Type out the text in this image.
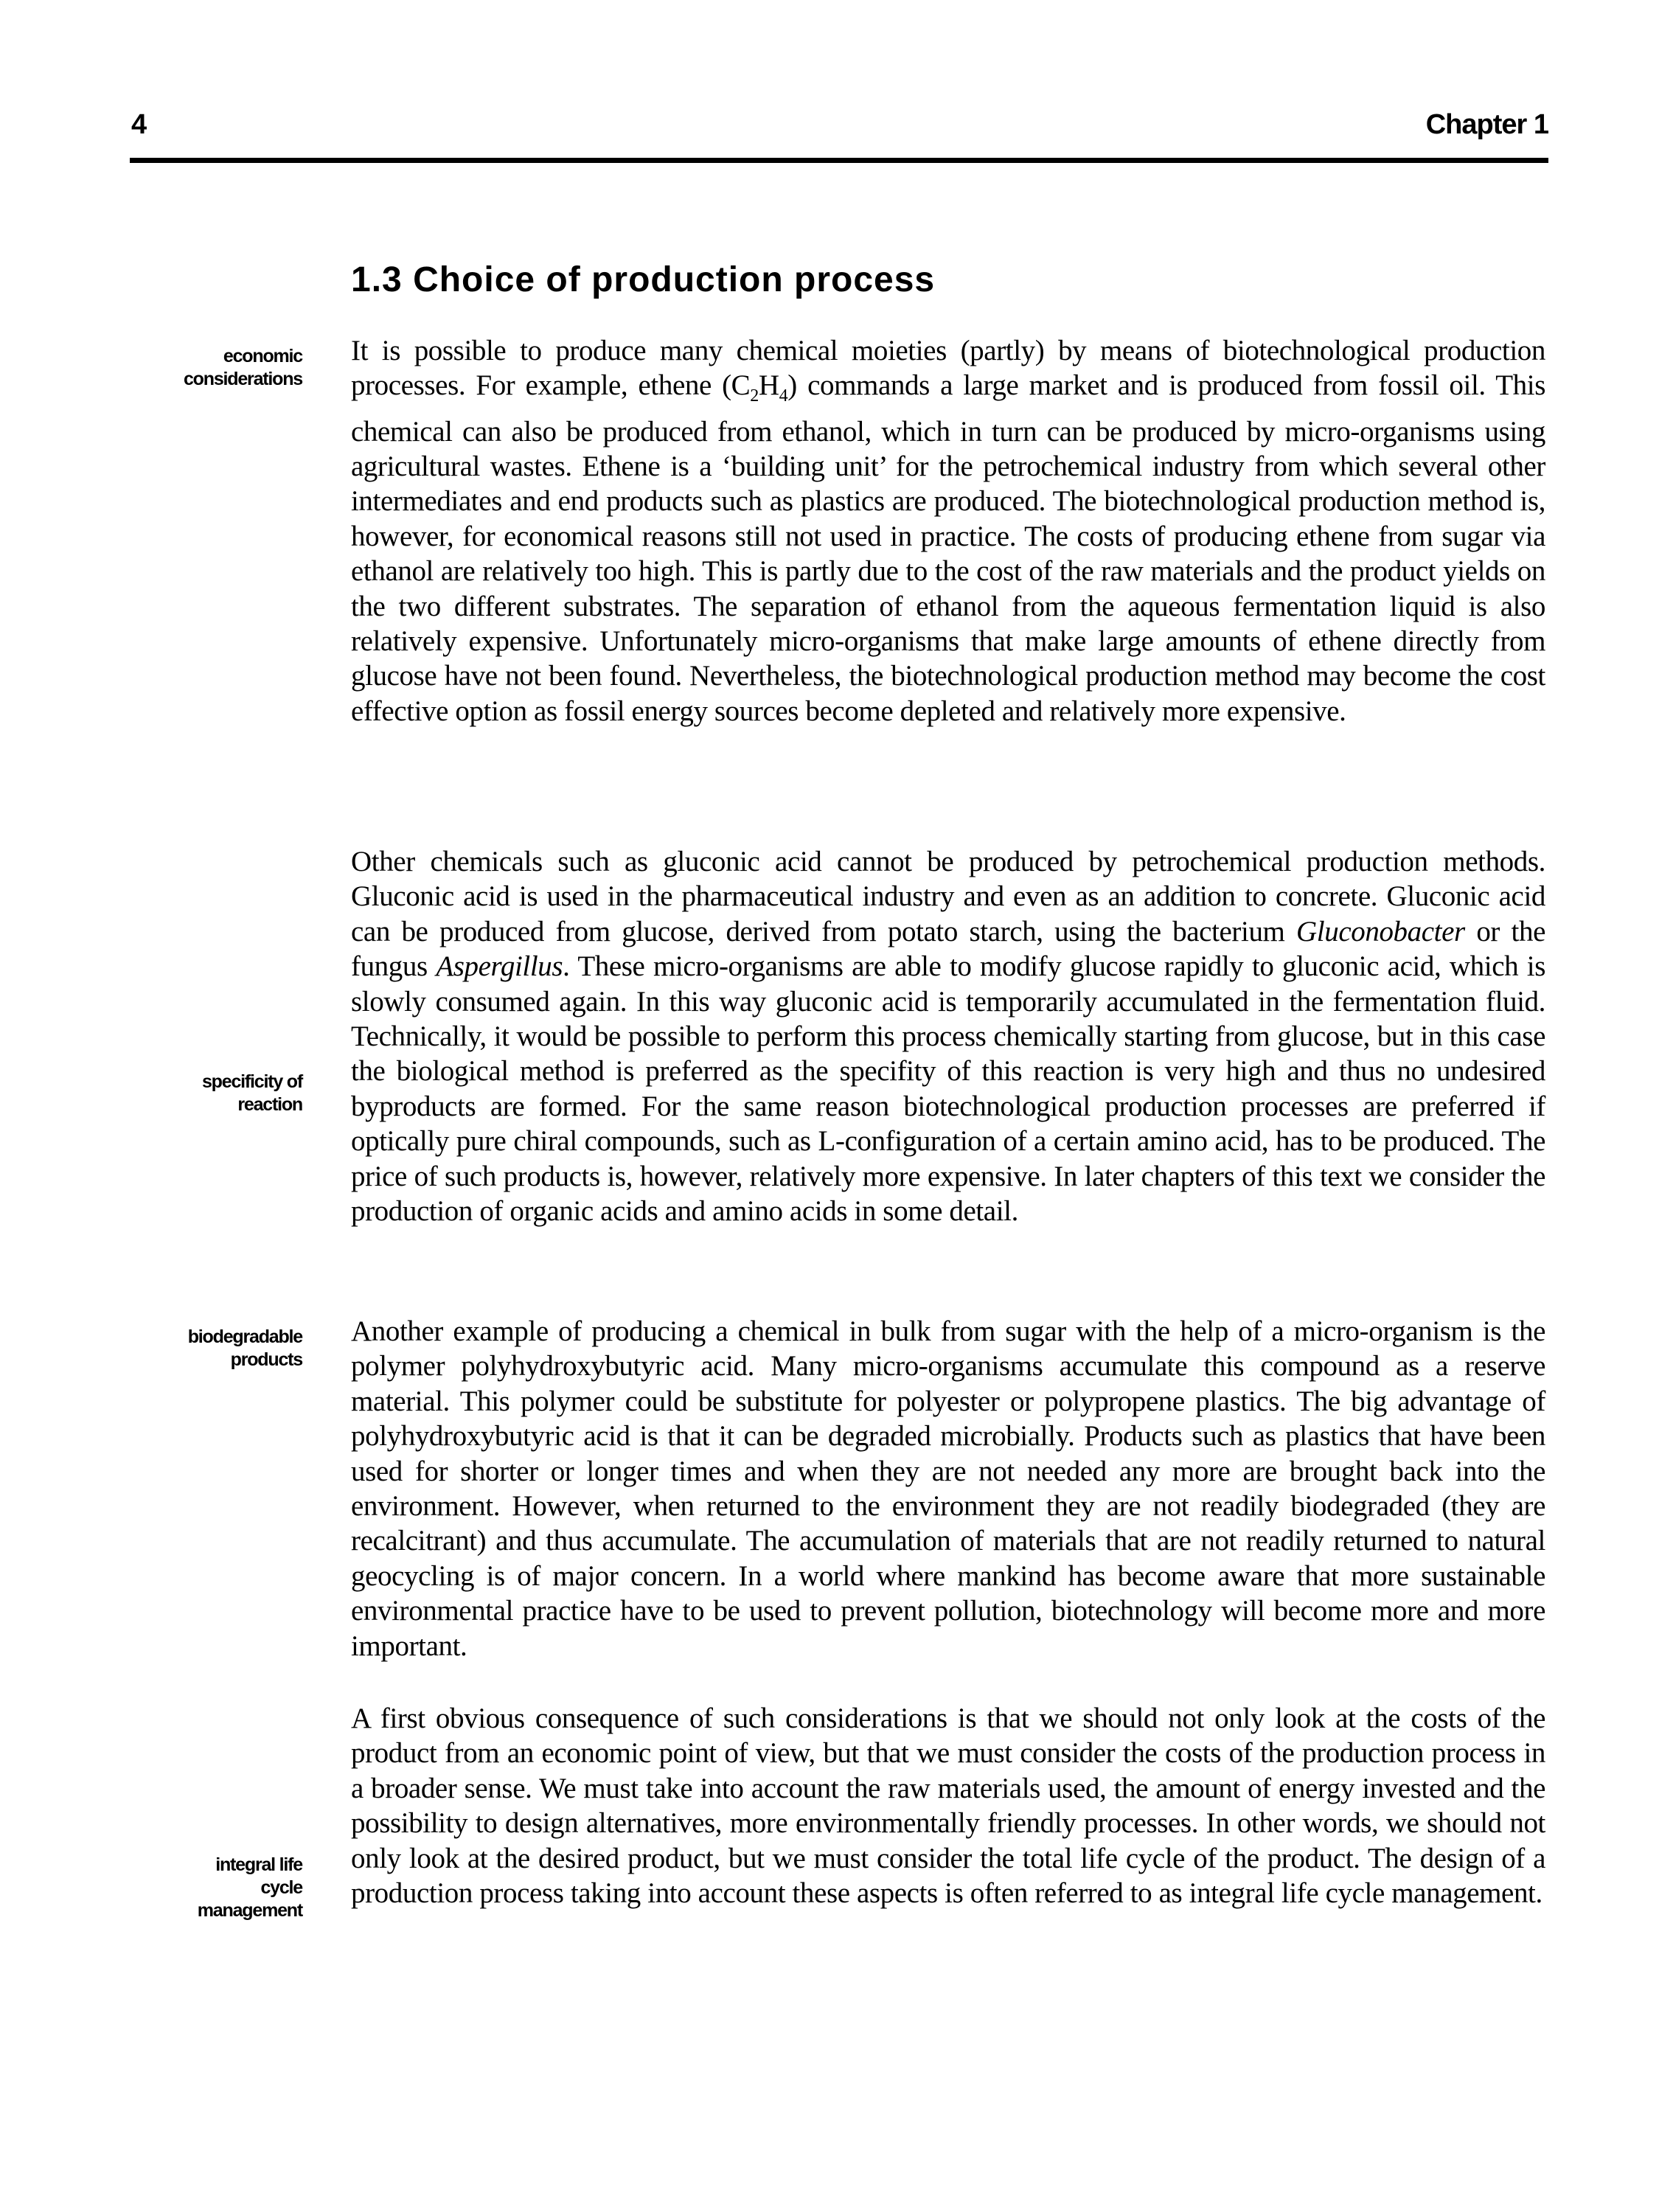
4	Chapter 1
1.3 Choice of production process
economic
considerations
specificity of
reaction
biodegradable
products
integral life
cycle
management

It is possible to produce many chemical moieties (partly) by means of biotechnological production processes. For example, ethene $(C_2H_4)$ commands a large market and is produced from fossil oil. This chemical can also be produced from ethanol, which in turn can be produced by micro-organisms using agricultural wastes. Ethene is a ‘building unit’ for the petrochemical industry from which several other intermediates and end products such as plastics are produced. The biotechnological production method is, however, for economical reasons still not used in practice. The costs of producing ethene from sugar via ethanol are relatively too high. This is partly due to the cost of the raw materials and the product yields on the two different substrates. The separation of ethanol from the aqueous fermentation liquid is also relatively expensive. Unfortunately micro-organisms that make large amounts of ethene directly from glucose have not been found. Nevertheless, the biotechnological production method may become the cost effective option as fossil energy sources become depleted and relatively more expensive.

Other chemicals such as gluconic acid cannot be produced by petrochemical production methods. Gluconic acid is used in the pharmaceutical industry and even as an addition to concrete. Gluconic acid can be produced from glucose, derived from potato starch, using the bacterium Gluconobacter or the fungus Aspergillus. These micro-organisms are able to modify glucose rapidly to gluconic acid, which is slowly consumed again. In this way gluconic acid is temporarily accumulated in the fermentation fluid. Technically, it would be possible to perform this process chemically starting from glucose, but in this case the biological method is preferred as the specifity of this reaction is very high and thus no undesired byproducts are formed. For the same reason biotechnological production processes are preferred if optically pure chiral compounds, such as L-configuration of a certain amino acid, has to be produced. The price of such products is, however, relatively more expensive. In later chapters of this text we consider the production of organic acids and amino acids in some detail.

Another example of producing a chemical in bulk from sugar with the help of a micro-organism is the polymer polyhydroxybutyric acid. Many micro-organisms accumulate this compound as a reserve material. This polymer could be substitute for polyester or polypropene plastics. The big advantage of polyhydroxybutyric acid is that it can be degraded microbially. Products such as plastics that have been used for shorter or longer times and when they are not needed any more are brought back into the environment. However, when returned to the environment they are not readily biodegraded (they are recalcitrant) and thus accumulate. The accumulation of materials that are not readily returned to natural geocycling is of major concern. In a world where mankind has become aware that more sustainable environmental practice have to be used to prevent pollution, biotechnology will become more and more important.

A first obvious consequence of such considerations is that we should not only look at the costs of the product from an economic point of view, but that we must consider the costs of the production process in a broader sense. We must take into account the raw materials used, the amount of energy invested and the possibility to design alternatives, more environmentally friendly processes. In other words, we should not only look at the desired product, but we must consider the total life cycle of the product. The design of a production process taking into account these aspects is often referred to as integral life cycle management.
